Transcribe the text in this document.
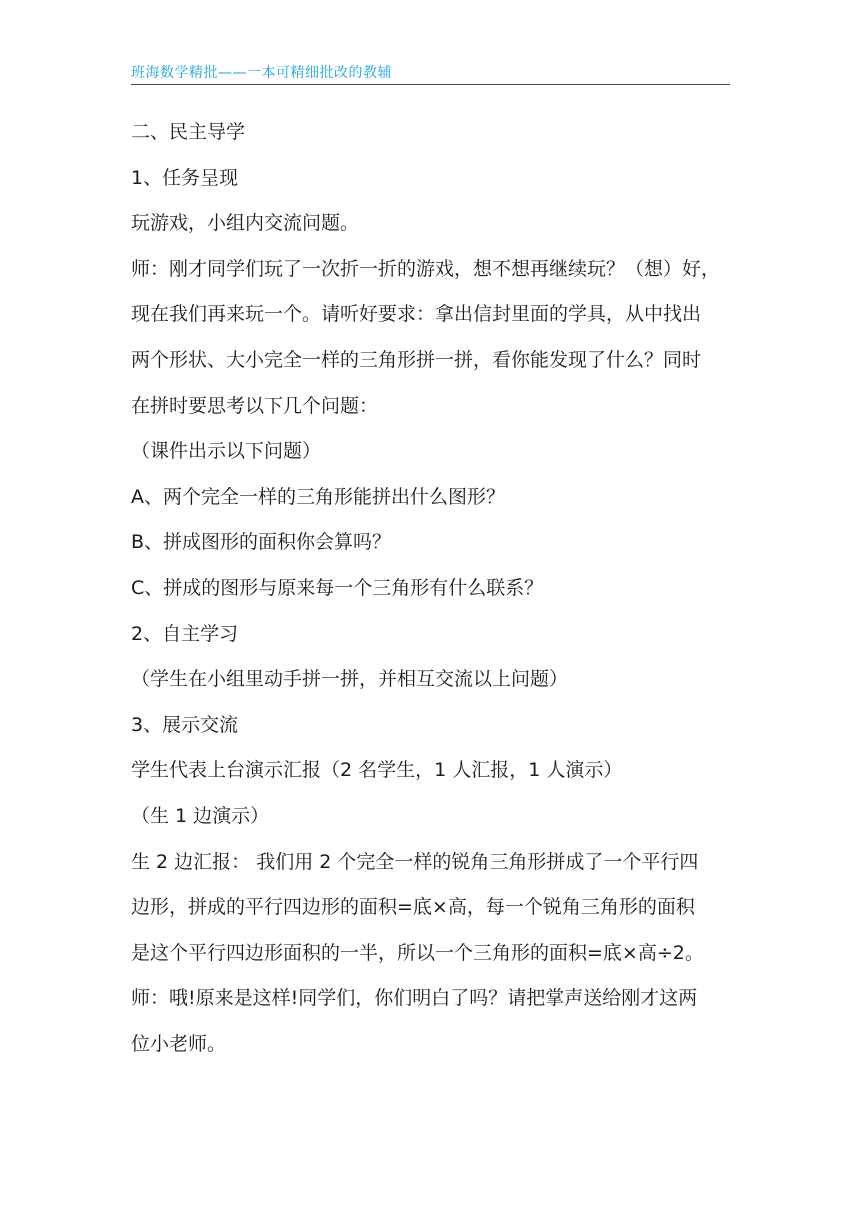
班海数学精批——一本可精细批改的教辅
二、民主导学
1、任务呈现
玩游戏，小组内交流问题。
师：刚才同学们玩了一次折一折的游戏，想不想再继续玩？（想）好，
现在我们再来玩一个。请听好要求：拿出信封里面的学具，从中找出
两个形状、大小完全一样的三角形拼一拼，看你能发现了什么？同时
在拼时要思考以下几个问题：
（课件出示以下问题）
A、两个完全一样的三角形能拼出什么图形？
B、拼成图形的面积你会算吗？
C、拼成的图形与原来每一个三角形有什么联系？
2、自主学习
（学生在小组里动手拼一拼，并相互交流以上问题）
3、展示交流
学生代表上台演示汇报（2 名学生，1 人汇报，1 人演示）
（生 1 边演示）
生 2 边汇报： 我们用 2 个完全一样的锐角三角形拼成了一个平行四
边形，拼成的平行四边形的面积=底×高，每一个锐角三角形的面积
是这个平行四边形面积的一半，所以一个三角形的面积=底×高÷2。
师：哦!原来是这样!同学们，你们明白了吗？请把掌声送给刚才这两
位小老师。
